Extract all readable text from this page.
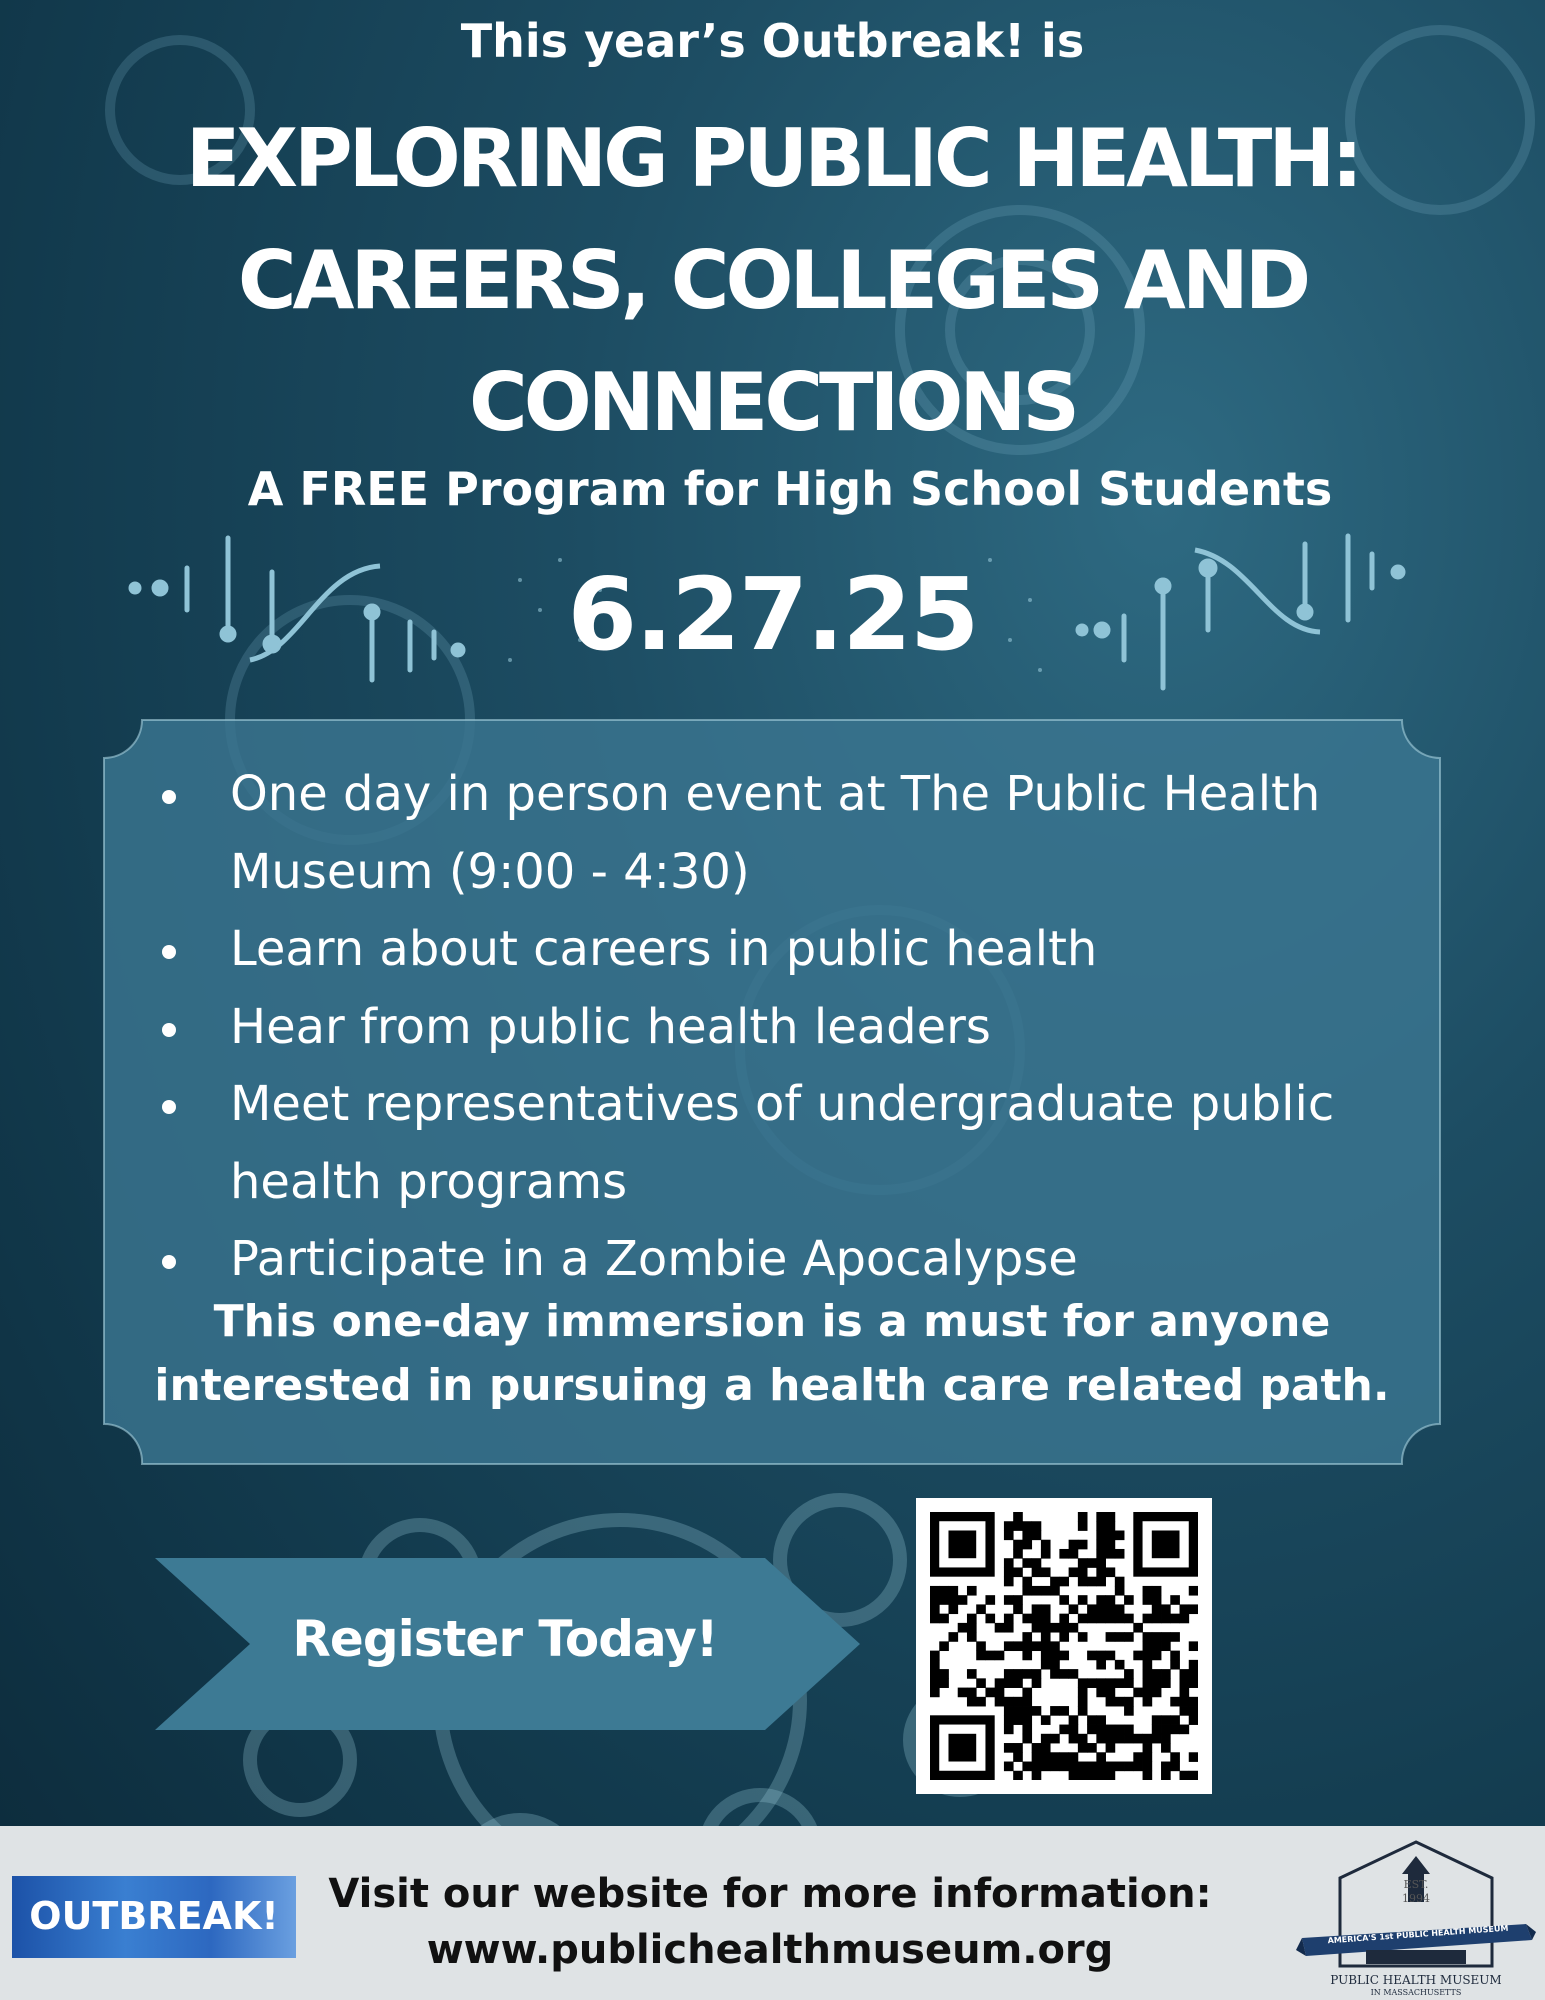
This year’s Outbreak! is
EXPLORING PUBLIC HEALTH:
CAREERS, COLLEGES AND
CONNECTIONS
A FREE Program for High School Students
6.27.25
One day in person event at The Public Health Museum (9:00 - 4:30)
Learn about careers in public health
Hear from public health leaders
Meet representatives of undergraduate public health programs
Participate in a Zombie Apocalypse
This one-day immersion is a must for anyone
interested in pursuing a health care related path.
Register Today!
OUTBREAK!	Visit our website for more information:
www.publichealthmuseum.org
EST.
1994
AMERICA'S 1st PUBLIC HEALTH MUSEUM
PUBLIC HEALTH MUSEUM
IN MASSACHUSETTS
